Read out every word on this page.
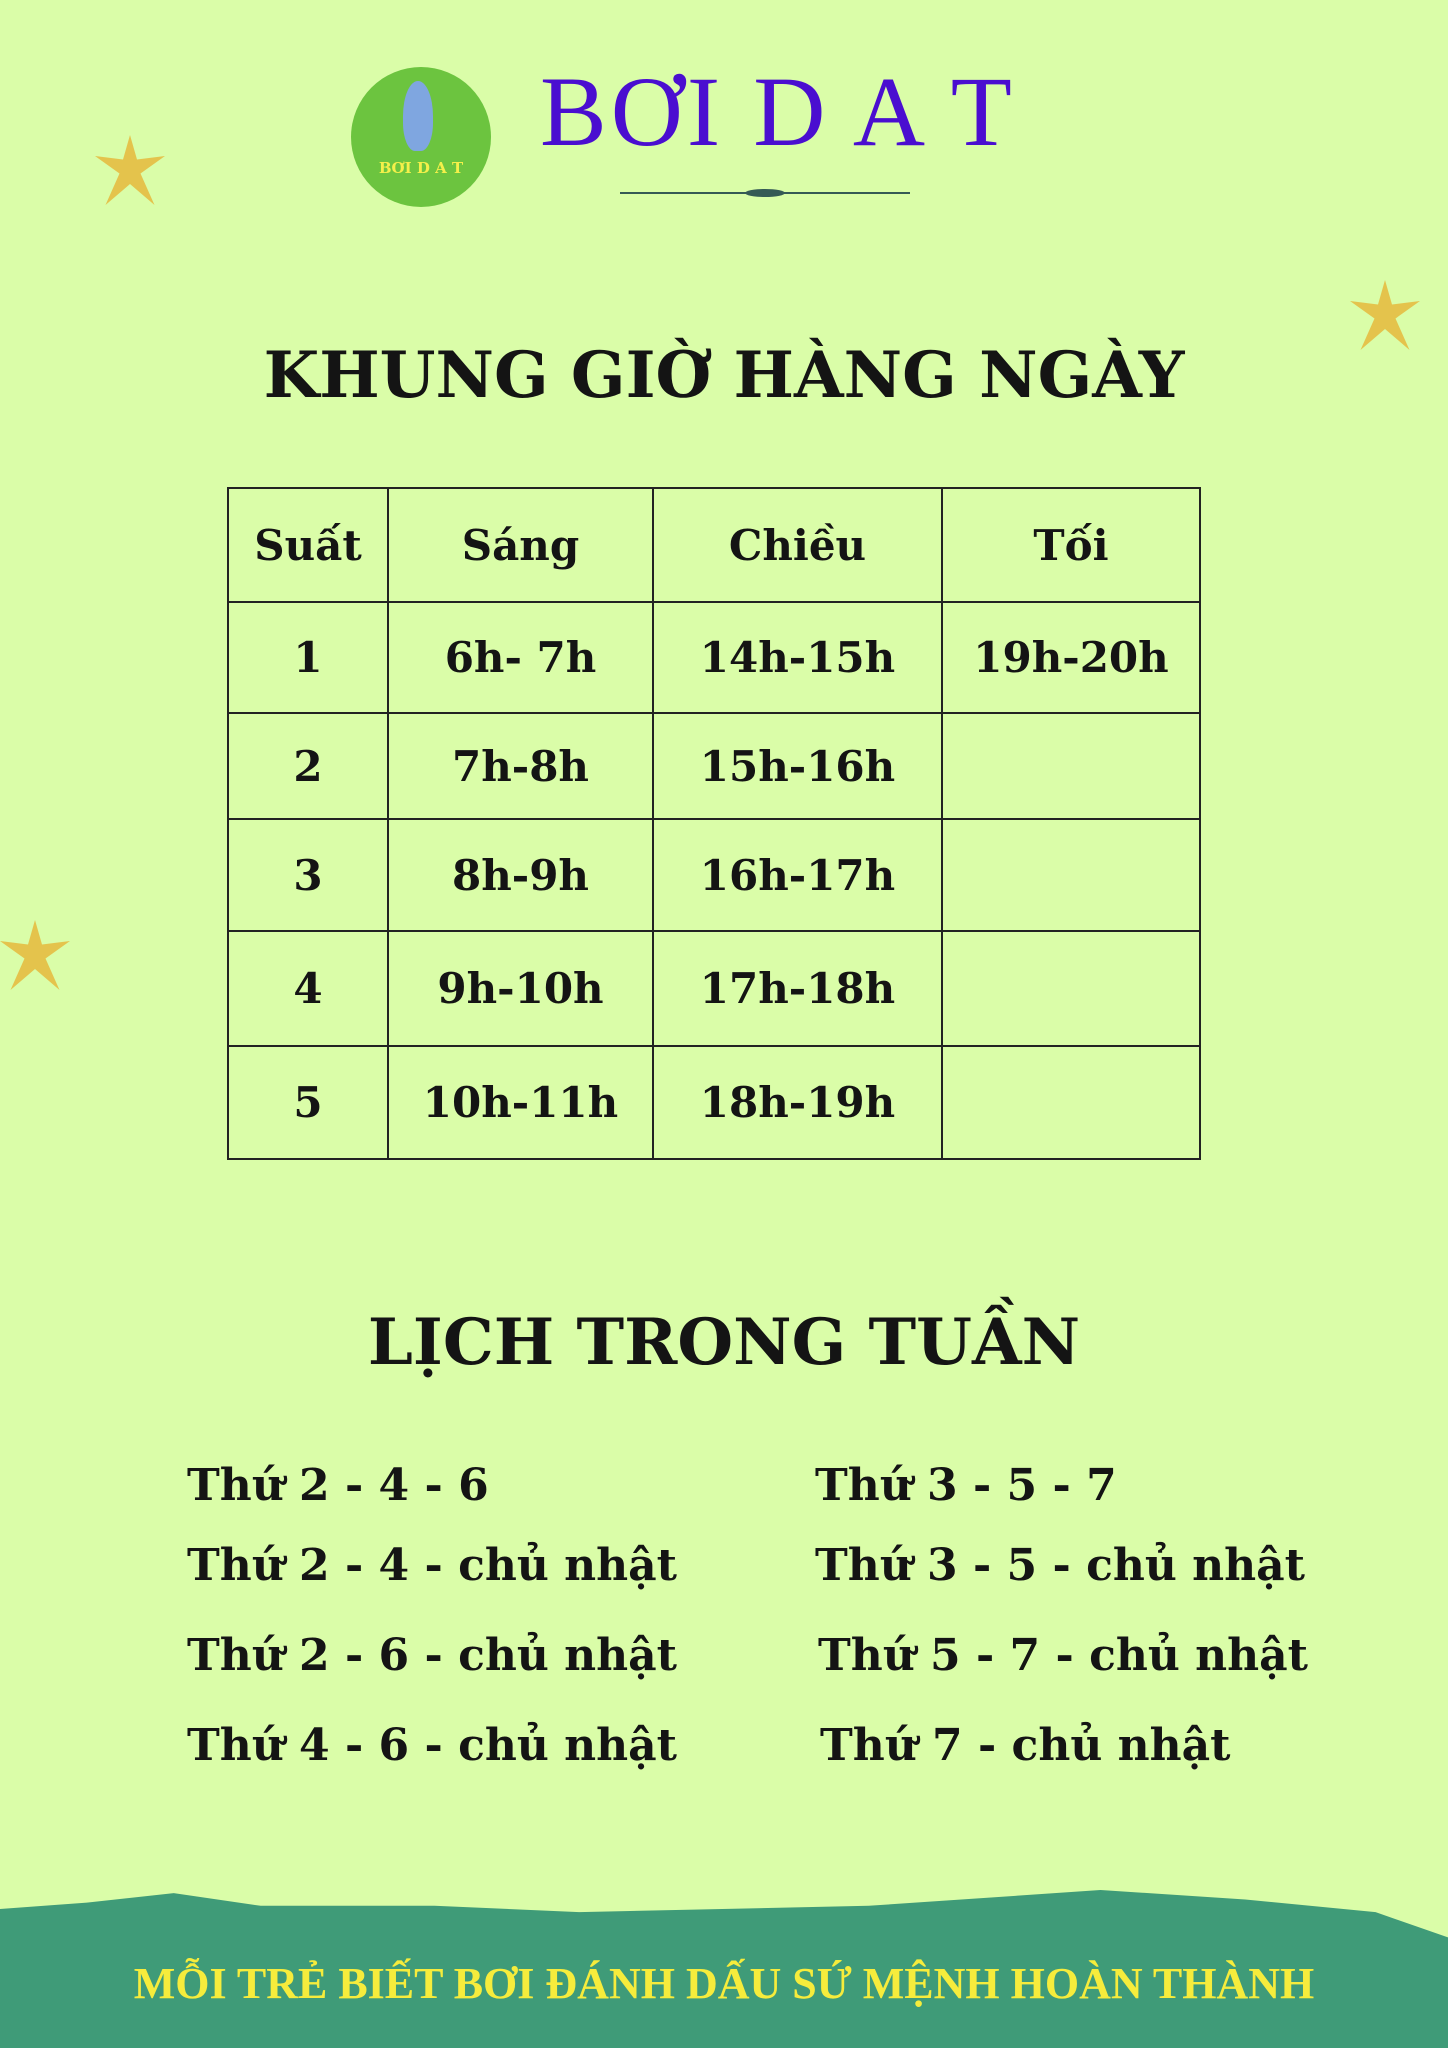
BƠI D A T
BƠI D A T
KHUNG GIỜ HÀNG NGÀY
Suất	Sáng	Chiều	Tối
1	6h- 7h	14h-15h	19h-20h
2	7h-8h	15h-16h	
3	8h-9h	16h-17h	
4	9h-10h	17h-18h	
5	10h-11h	18h-19h	
LỊCH TRONG TUẦN
Thứ 2 - 4 - 6
Thứ 2 - 4 - chủ nhật
Thứ 2 - 6 - chủ nhật
Thứ 4 - 6 - chủ nhật
Thứ 3 - 5 - 7
Thứ 3 - 5 - chủ nhật
Thứ 5 - 7 - chủ nhật
Thứ 7 - chủ nhật
MỖI TRẺ BIẾT BƠI ĐÁNH DẤU SỨ MỆNH HOÀN THÀNH
